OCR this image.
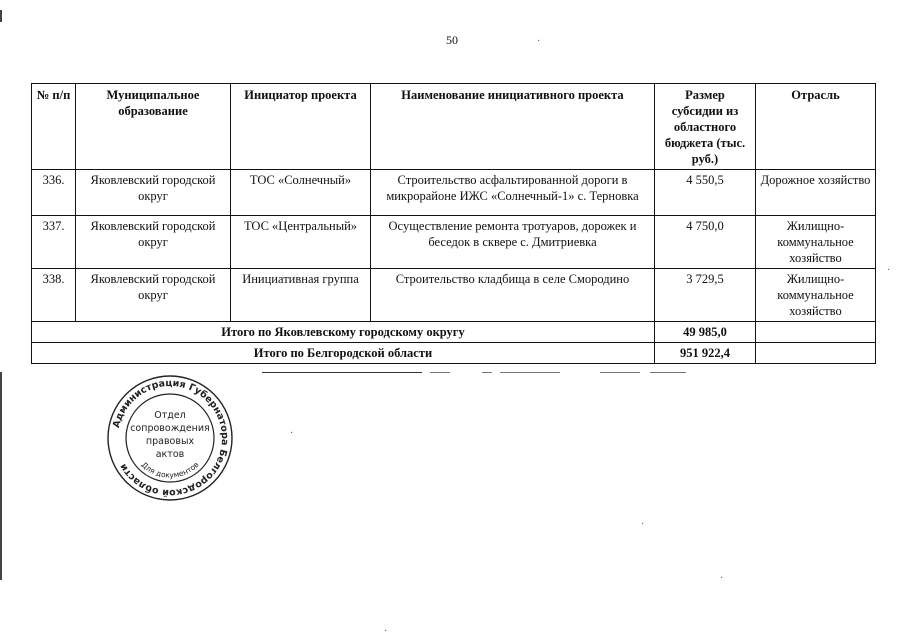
50
№ п/п	Муниципальное образование	Инициатор проекта	Наименование инициативного проекта	Размер субсидии из областного бюджета (тыс. руб.)	Отрасль
336.	Яковлевский городской округ	ТОС «Солнечный»	Строительство асфальтированной дороги в микрорайоне ИЖС «Солнечный-1» с. Терновка	4 550,5	Дорожное хозяйство
337.	Яковлевский городской округ	ТОС «Центральный»	Осуществление ремонта тротуаров, дорожек и беседок в сквере с. Дмитриевка	4 750,0	Жилищно-коммунальное хозяйство
338.	Яковлевский городской округ	Инициативная группа	Строительство кладбища в селе Смородино	3 729,5	Жилищно-коммунальное хозяйство
Итого по Яковлевскому городскому округу				49 985,0	
Итого по Белгородской области				951 922,4	
·
·
·
·
·
·
Администрация Губернатора Белгородской области
Отдел
сопровождения
правовых
актов
Для документов
